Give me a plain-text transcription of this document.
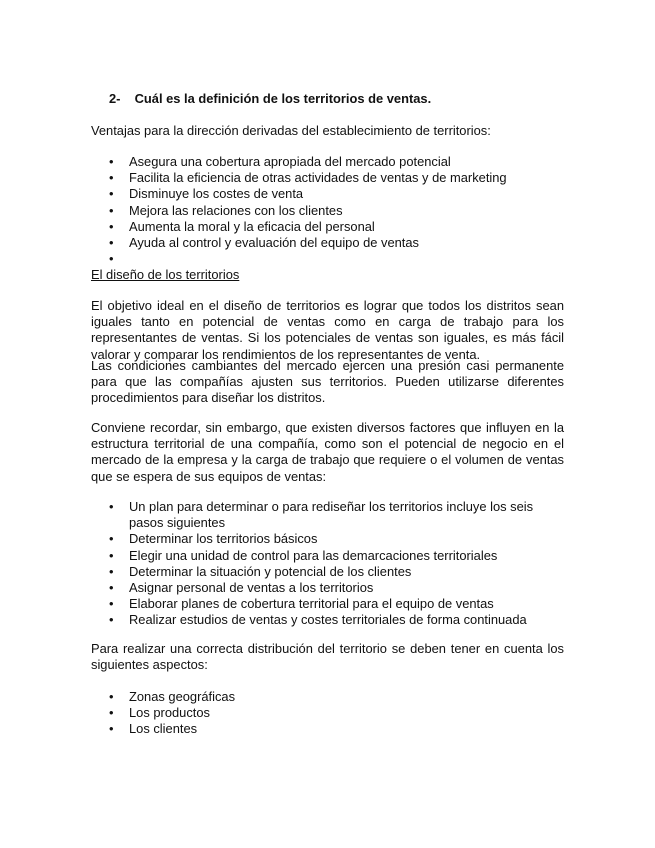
2- Cuál es la definición de los territorios de ventas.

Ventajas para la dirección derivadas del establecimiento de territorios:

•	Asegura una cobertura apropiada del mercado potencial
•	Facilita la eficiencia de otras actividades de ventas y de marketing
•	Disminuye los costes de venta
•	Mejora las relaciones con los clientes
•	Aumenta la moral y la eficacia del personal
•	Ayuda al control y evaluación del equipo de ventas
•

El diseño de los territorios

El objetivo ideal en el diseño de territorios es lograr que todos los distritos sean iguales tanto en potencial de ventas como en carga de trabajo para los representantes de ventas. Si los potenciales de ventas son iguales, es más fácil valorar y comparar los rendimientos de los representantes de venta.

Las condiciones cambiantes del mercado ejercen una presión casi permanente para que las compañías ajusten sus territorios. Pueden utilizarse diferentes procedimientos para diseñar los distritos.

Conviene recordar, sin embargo, que existen diversos factores que influyen en la estructura territorial de una compañía, como son el potencial de negocio en el mercado de la empresa y la carga de trabajo que requiere o el volumen de ventas que se espera de sus equipos de ventas:

•	Un plan para determinar o para rediseñar los territorios incluye los seis pasos siguientes
•	Determinar los territorios básicos
•	Elegir una unidad de control para las demarcaciones territoriales
•	Determinar la situación y potencial de los clientes
•	Asignar personal de ventas a los territorios
•	Elaborar planes de cobertura territorial para el equipo de ventas
•	Realizar estudios de ventas y costes territoriales de forma continuada

Para realizar una correcta distribución del territorio se deben tener en cuenta los siguientes aspectos:

•	Zonas geográficas
•	Los productos
•	Los clientes
